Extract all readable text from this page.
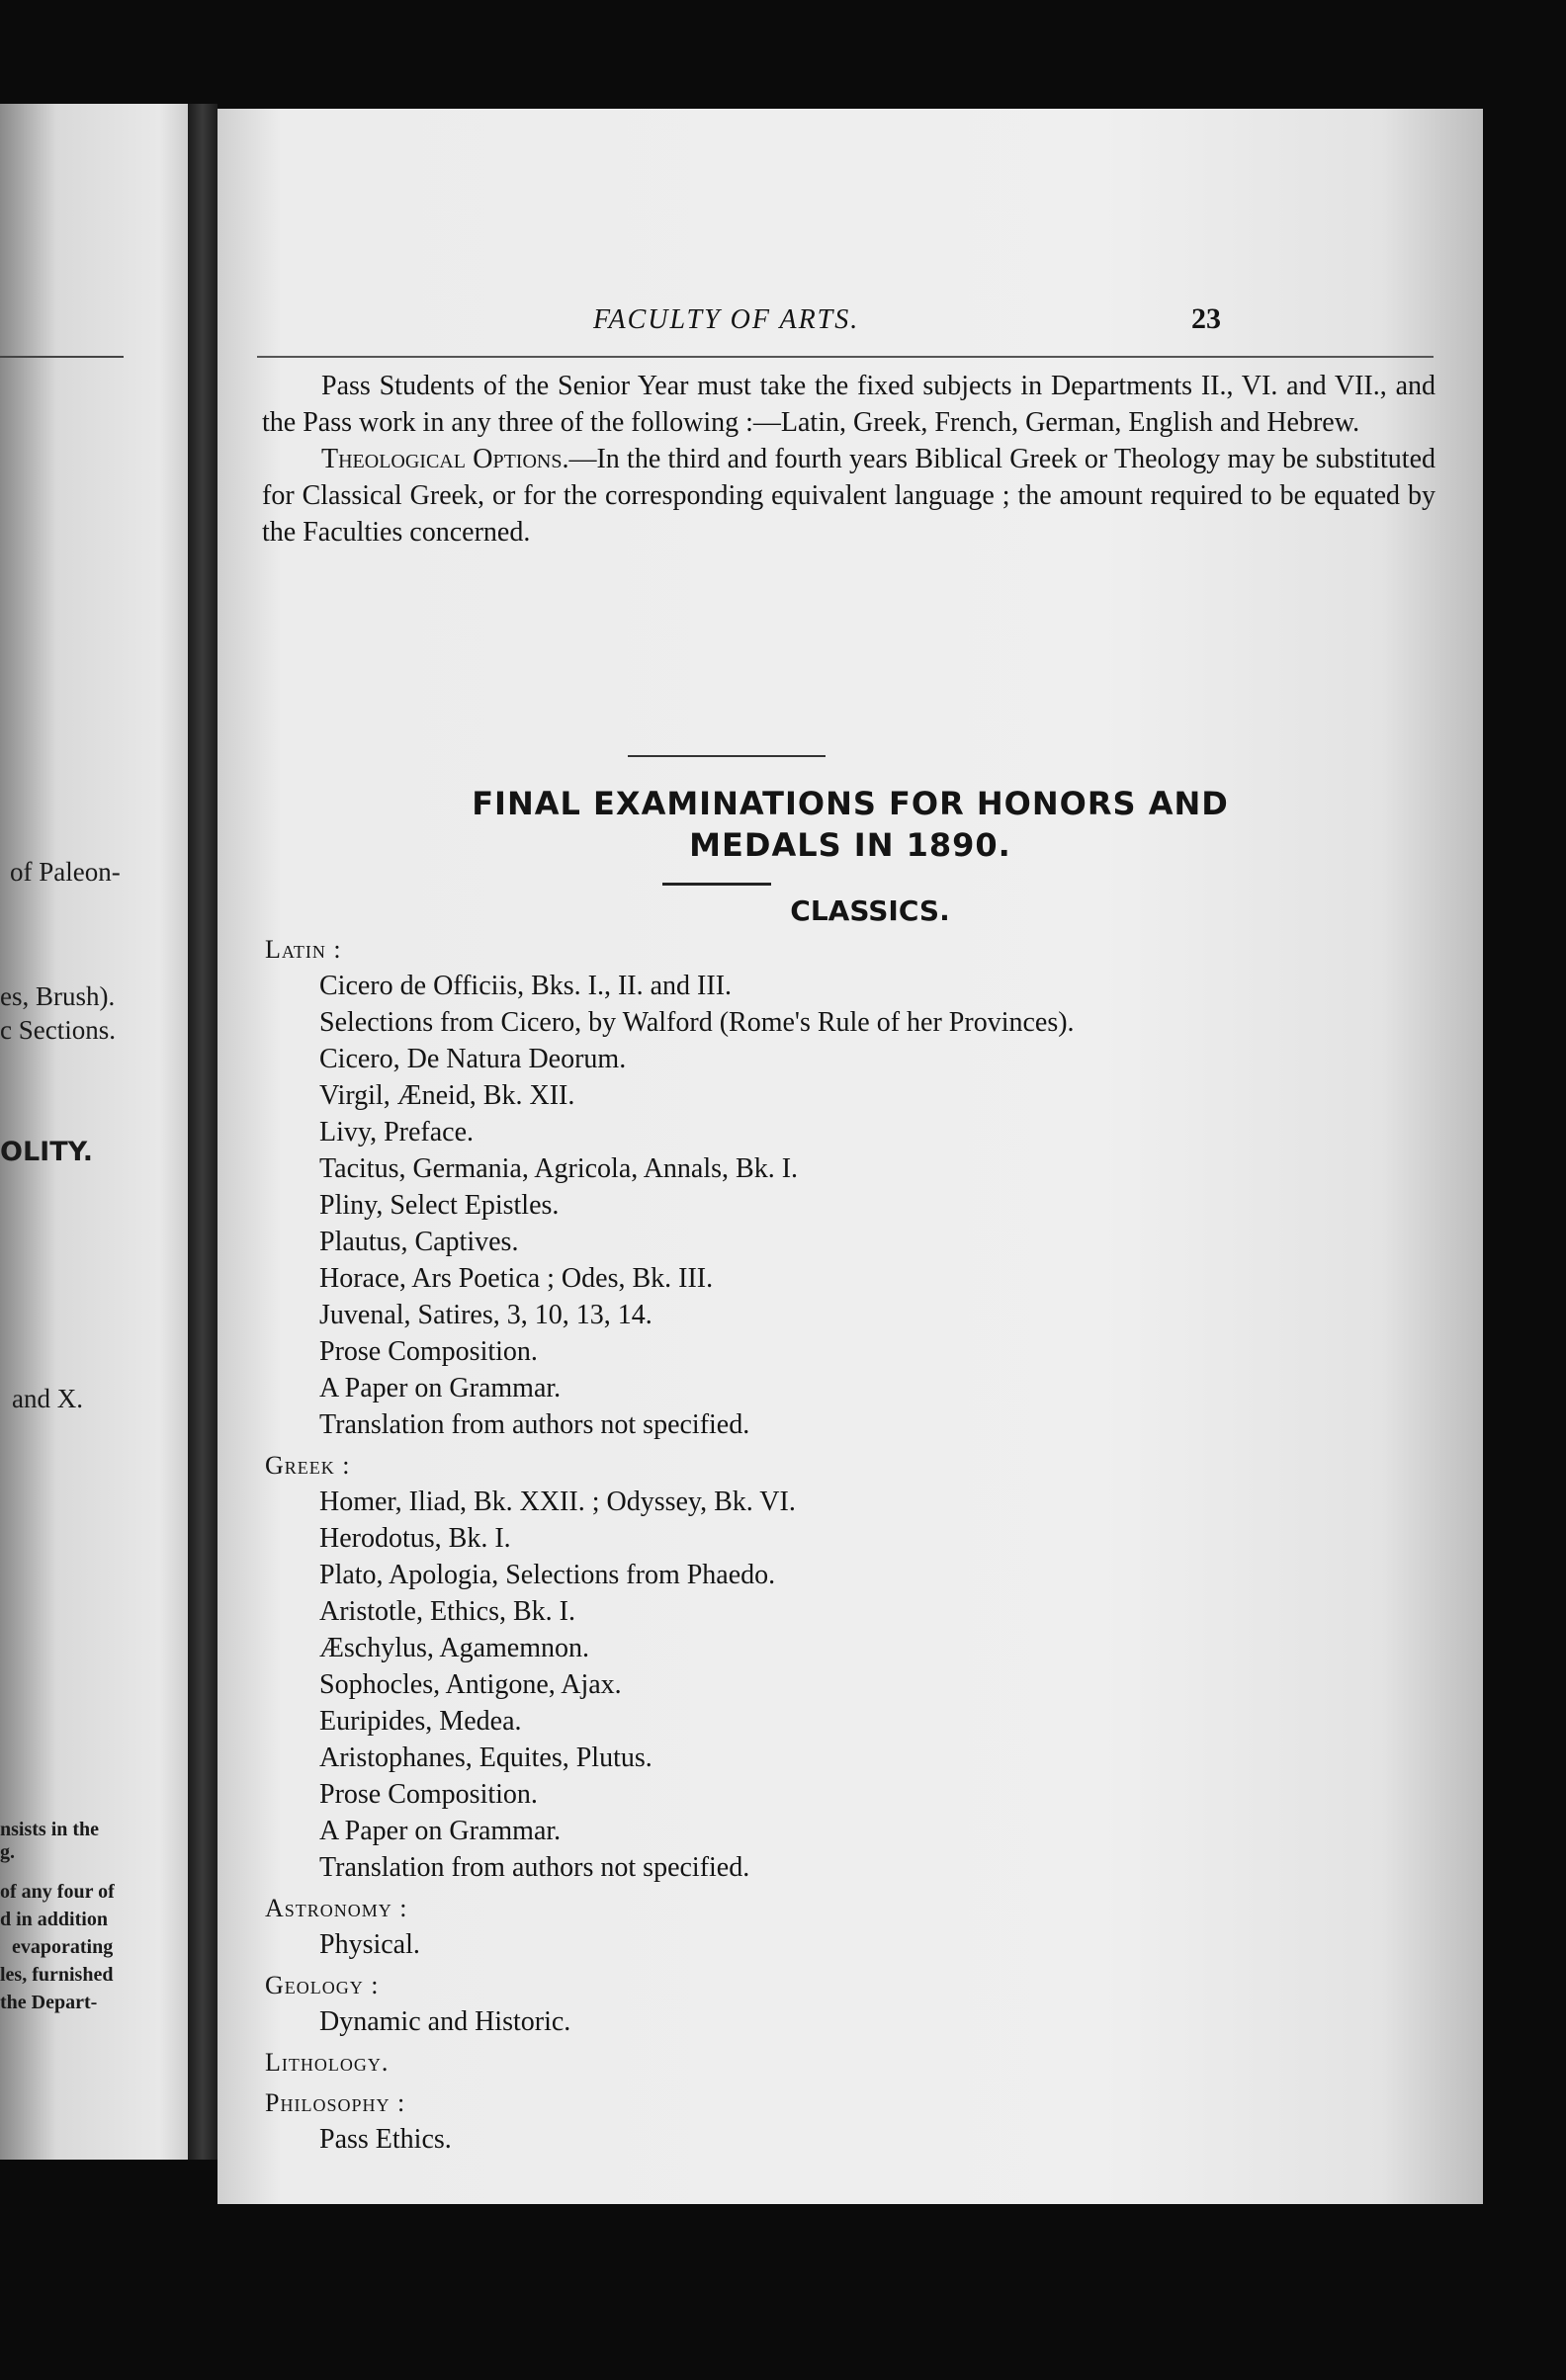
of Paleon-
es, Brush).
c Sections.
OLITY.
and X.
nsists in the
g.
of any four of
d in addition
evaporating
les, furnished
the Depart-
FACULTY OF ARTS.	23

Pass Students of the Senior Year must take the fixed subjects in Departments II., VI. and VII., and the Pass work in any three of the following :—Latin, Greek, French, German, English and Hebrew.

Theological Options.—In the third and fourth years Biblical Greek or Theology may be substituted for Classical Greek, or for the corresponding equivalent language ; the amount required to be equated by the Faculties concerned.

FINAL EXAMINATIONS FOR HONORS AND
MEDALS IN 1890.
CLASSICS.
Latin :
Cicero de Officiis, Bks. I., II. and III.
Selections from Cicero, by Walford (Rome's Rule of her Provinces).
Cicero, De Natura Deorum.
Virgil, Æneid, Bk. XII.
Livy, Preface.
Tacitus, Germania, Agricola, Annals, Bk. I.
Pliny, Select Epistles.
Plautus, Captives.
Horace, Ars Poetica ; Odes, Bk. III.
Juvenal, Satires, 3, 10, 13, 14.
Prose Composition.
A Paper on Grammar.
Translation from authors not specified.
Greek :
Homer, Iliad, Bk. XXII. ; Odyssey, Bk. VI.
Herodotus, Bk. I.
Plato, Apologia, Selections from Phaedo.
Aristotle, Ethics, Bk. I.
Æschylus, Agamemnon.
Sophocles, Antigone, Ajax.
Euripides, Medea.
Aristophanes, Equites, Plutus.
Prose Composition.
A Paper on Grammar.
Translation from authors not specified.
Astronomy :
Physical.
Geology :
Dynamic and Historic.
Lithology.
Philosophy :
Pass Ethics.
